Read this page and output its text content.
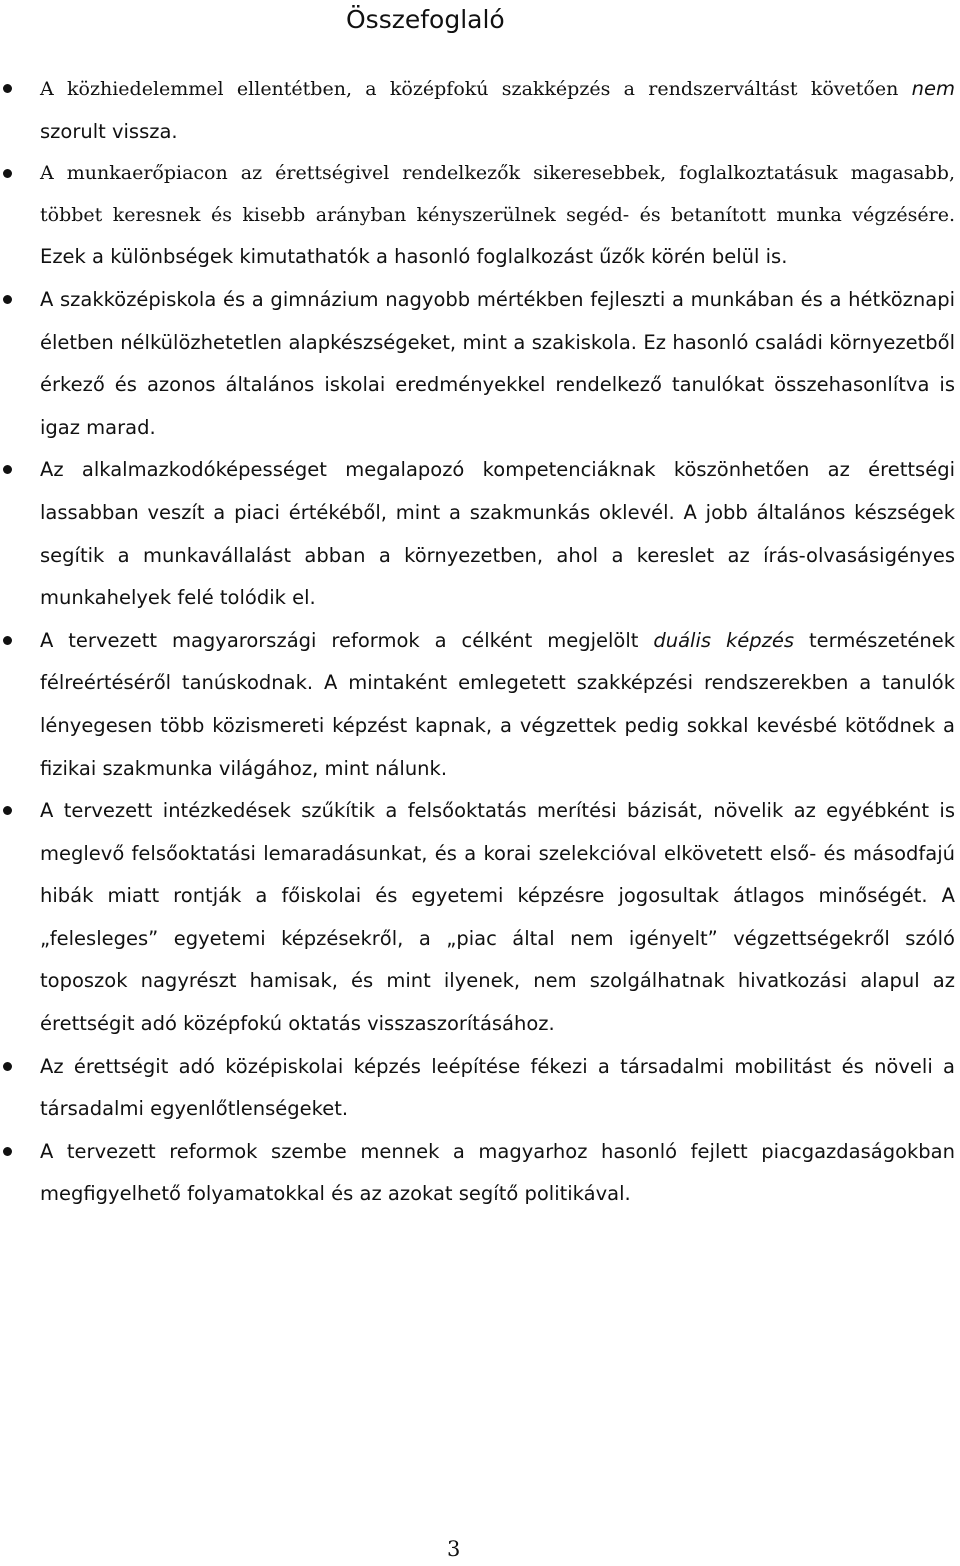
Összefoglaló
A közhiedelemmel ellentétben, a középfokú szakképzés a rendszerváltást követően nem szorult vissza.
A munkaerőpiacon az érettségivel rendelkezők sikeresebbek, foglalkoztatásuk magasabb, többet keresnek és kisebb arányban kényszerülnek segéd- és betanított munka végzésére. Ezek a különbségek kimutathatók a hasonló foglalkozást űzők körén belül is.
A szakközépiskola és a gimnázium nagyobb mértékben fejleszti a munkában és a hétköznapi életben nélkülözhetetlen alapkészségeket, mint a szakiskola. Ez hasonló családi környezetből érkező és azonos általános iskolai eredményekkel rendelkező tanulókat összehasonlítva is igaz marad.
Az alkalmazkodóképességet megalapozó kompetenciáknak köszönhetően az érettségi lassabban veszít a piaci értékéből, mint a szakmunkás oklevél. A jobb általános készségek segítik a munkavállalást abban a környezetben, ahol a kereslet az írás-olvasásigényes munkahelyek felé tolódik el.
A tervezett magyarországi reformok a célként megjelölt duális képzés természetének félreértéséről tanúskodnak. A mintaként emlegetett szakképzési rendszerekben a tanulók lényegesen több közismereti képzést kapnak, a végzettek pedig sokkal kevésbé kötődnek a fizikai szakmunka világához, mint nálunk.
A tervezett intézkedések szűkítik a felsőoktatás merítési bázisát, növelik az egyébként is meglevő felsőoktatási lemaradásunkat, és a korai szelekcióval elkövetett első- és másodfajú hibák miatt rontják a főiskolai és egyetemi képzésre jogosultak átlagos minőségét. A „felesleges” egyetemi képzésekről, a „piac által nem igényelt” végzettségekről szóló toposzok nagyrészt hamisak, és mint ilyenek, nem szolgálhatnak hivatkozási alapul az érettségit adó középfokú oktatás visszaszorításához.
Az érettségit adó középiskolai képzés leépítése fékezi a társadalmi mobilitást és növeli a társadalmi egyenlőtlenségeket.
A tervezett reformok szembe mennek a magyarhoz hasonló fejlett piacgazdaságokban megfigyelhető folyamatokkal és az azokat segítő politikával.
3
